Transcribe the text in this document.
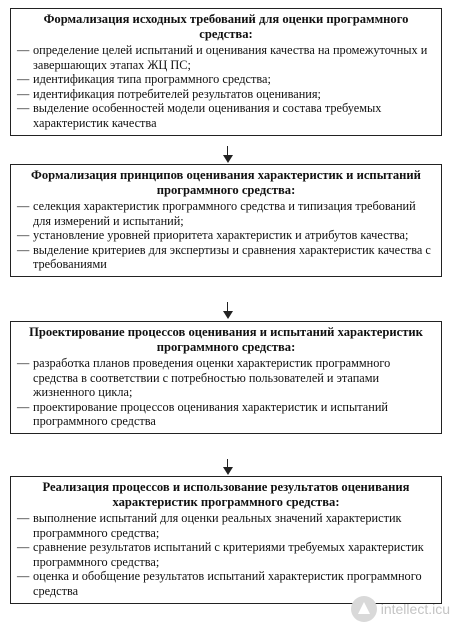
Формализация исходных требований для оценки программного средства:
— определение целей испытаний и оценивания качества на промежуточных и завершающих этапах ЖЦ ПС;
— идентификация типа программного средства;
— идентификация потребителей результатов оценивания;
— выделение особенностей модели оценивания и состава требуемых характеристик качества
Формализация принципов оценивания характеристик и испытаний программного средства:
— селекция характеристик программного средства и типизация требований для измерений и испытаний;
— установление уровней приоритета характеристик и атрибутов качества;
— выделение критериев для экспертизы и сравнения характеристик качества с требованиями
Проектирование процессов оценивания и испытаний характеристик программного средства:
— разработка планов проведения оценки характеристик программного средства в соответствии с потребностью пользователей и этапами жизненного цикла;
— проектирование процессов оценивания характеристик и испытаний программного средства
Реализация процессов и использование результатов оценивания характеристик программного средства:
— выполнение испытаний для оценки реальных значений характеристик программного средства;
— сравнение результатов испытаний с критериями требуемых характеристик программного средства;
— оценка и обобщение результатов испытаний характеристик программного средства
intellect.icu
